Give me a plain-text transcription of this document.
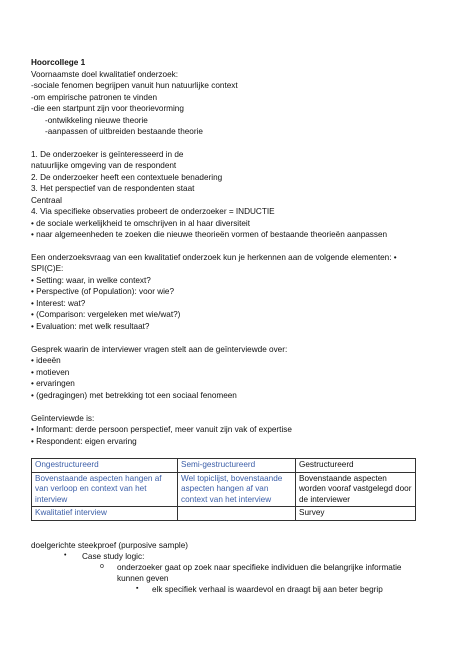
Hoorcollege 1
Voornaamste doel kwalitatief onderzoek:
-sociale fenomen begrijpen vanuit hun natuurlijke context
-om empirische patronen te vinden
-die een startpunt zijn voor theorievorming
-ontwikkeling nieuwe theorie
-aanpassen of uitbreiden bestaande theorie
1. De onderzoeker is geïnteresseerd in de
natuurlijke omgeving van de respondent
2. De onderzoeker heeft een contextuele benadering
3. Het perspectief van de respondenten staat
Centraal
4. Via specifieke observaties probeert de onderzoeker = INDUCTIE
• de sociale werkelijkheid te omschrijven in al haar diversiteit
• naar algemeenheden te zoeken die nieuwe theorieën vormen of bestaande theorieën aanpassen
Een onderzoeksvraag van een kwalitatief onderzoek kun je herkennen aan de volgende elementen: •
SPI(C)E:
• Setting: waar, in welke context?
• Perspective (of Population): voor wie?
• Interest: wat?
• (Comparison: vergeleken met wie/wat?)
• Evaluation: met welk resultaat?
Gesprek waarin de interviewer vragen stelt aan de geïnterviewde over:
• ideeën
• motieven
• ervaringen
• (gedragingen) met betrekking tot een sociaal fenomeen
Geïnterviewde is:
• Informant: derde persoon perspectief, meer vanuit zijn vak of expertise
• Respondent: eigen ervaring
Ongestructureerd	Semi-gestructureerd	Gestructureerd
Bovenstaande aspecten hangen af van verloop en context van het interview	Wel topiclijst, bovenstaande aspecten hangen af van context van het interview	Bovenstaande aspecten worden vooraf vastgelegd door de interviewer
Kwalitatief interview		Survey
doelgerichte steekproef (purposive sample)
• Case study logic:
o onderzoeker gaat op zoek naar specifieke individuen die belangrijke informatie
kunnen geven
▪ elk specifiek verhaal is waardevol en draagt bij aan beter begrip
